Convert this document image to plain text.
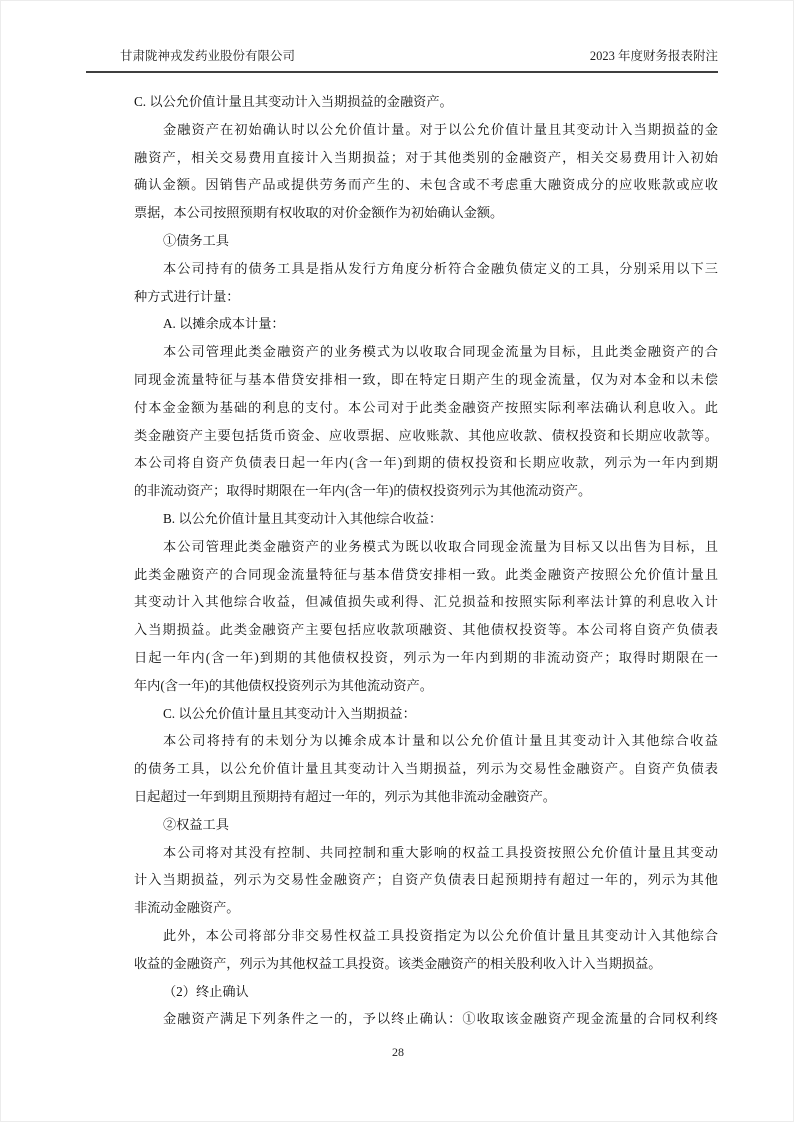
甘肃陇神戎发药业股份有限公司	2023 年度财务报表附注
C. 以公允价值计量且其变动计入当期损益的金融资产。
金融资产在初始确认时以公允价值计量。对于以公允价值计量且其变动计入当期损益的金
融资产，相关交易费用直接计入当期损益；对于其他类别的金融资产，相关交易费用计入初始
确认金额。因销售产品或提供劳务而产生的、未包含或不考虑重大融资成分的应收账款或应收
票据，本公司按照预期有权收取的对价金额作为初始确认金额。
①债务工具
本公司持有的债务工具是指从发行方角度分析符合金融负债定义的工具，分别采用以下三
种方式进行计量：
A. 以摊余成本计量：
本公司管理此类金融资产的业务模式为以收取合同现金流量为目标，且此类金融资产的合
同现金流量特征与基本借贷安排相一致，即在特定日期产生的现金流量，仅为对本金和以未偿
付本金金额为基础的利息的支付。本公司对于此类金融资产按照实际利率法确认利息收入。此
类金融资产主要包括货币资金、应收票据、应收账款、其他应收款、债权投资和长期应收款等。
本公司将自资产负债表日起一年内(含一年)到期的债权投资和长期应收款，列示为一年内到期
的非流动资产；取得时期限在一年内(含一年)的债权投资列示为其他流动资产。
B. 以公允价值计量且其变动计入其他综合收益：
本公司管理此类金融资产的业务模式为既以收取合同现金流量为目标又以出售为目标，且
此类金融资产的合同现金流量特征与基本借贷安排相一致。此类金融资产按照公允价值计量且
其变动计入其他综合收益，但减值损失或利得、汇兑损益和按照实际利率法计算的利息收入计
入当期损益。此类金融资产主要包括应收款项融资、其他债权投资等。本公司将自资产负债表
日起一年内(含一年)到期的其他债权投资，列示为一年内到期的非流动资产；取得时期限在一
年内(含一年)的其他债权投资列示为其他流动资产。
C. 以公允价值计量且其变动计入当期损益：
本公司将持有的未划分为以摊余成本计量和以公允价值计量且其变动计入其他综合收益
的债务工具，以公允价值计量且其变动计入当期损益，列示为交易性金融资产。自资产负债表
日起超过一年到期且预期持有超过一年的，列示为其他非流动金融资产。
②权益工具
本公司将对其没有控制、共同控制和重大影响的权益工具投资按照公允价值计量且其变动
计入当期损益，列示为交易性金融资产；自资产负债表日起预期持有超过一年的，列示为其他
非流动金融资产。
此外，本公司将部分非交易性权益工具投资指定为以公允价值计量且其变动计入其他综合
收益的金融资产，列示为其他权益工具投资。该类金融资产的相关股利收入计入当期损益。
（2）终止确认
金融资产满足下列条件之一的，予以终止确认：①收取该金融资产现金流量的合同权利终
28
